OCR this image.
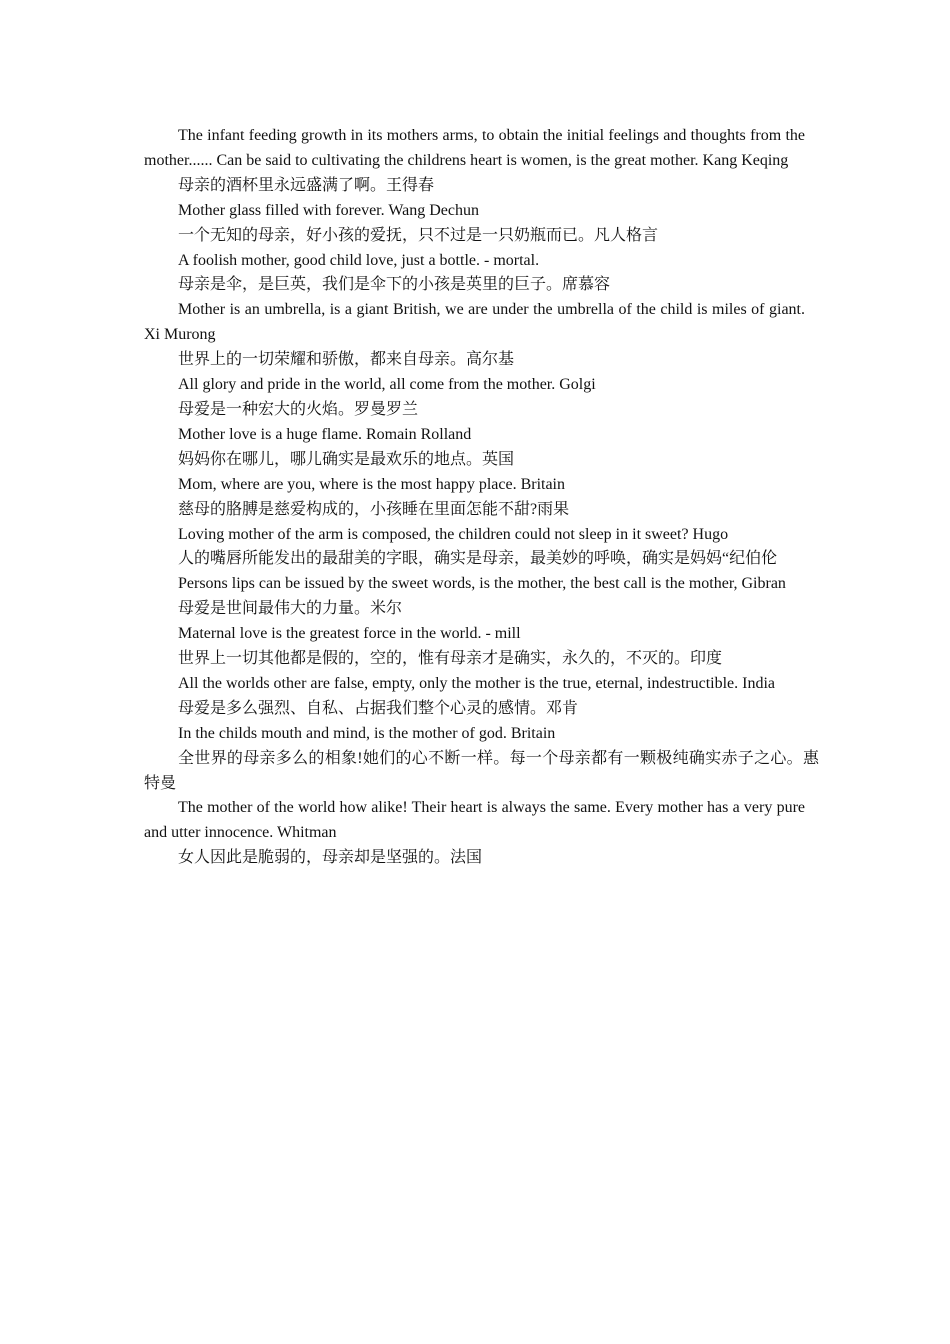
The infant feeding growth in its mothers arms, to obtain the initial feelings and thoughts from the mother...... Can be said to cultivating the childrens heart is women, is the great mother. Kang Keqing

母亲的酒杯里永远盛满了啊。王得春

Mother glass filled with forever. Wang Dechun

一个无知的母亲，好小孩的爱抚，只不过是一只奶瓶而已。凡人格言

A foolish mother, good child love, just a bottle. - mortal.

母亲是伞，是巨英，我们是伞下的小孩是英里的巨子。席慕容

Mother is an umbrella, is a giant British, we are under the umbrella of the child is miles of giant. Xi Murong

世界上的一切荣耀和骄傲，都来自母亲。高尔基

All glory and pride in the world, all come from the mother. Golgi

母爱是一种宏大的火焰。罗曼罗兰

Mother love is a huge flame. Romain Rolland

妈妈你在哪儿，哪儿确实是最欢乐的地点。英国

Mom, where are you, where is the most happy place. Britain

慈母的胳膊是慈爱构成的，小孩睡在里面怎能不甜?雨果

Loving mother of the arm is composed, the children could not sleep in it sweet? Hugo

人的嘴唇所能发出的最甜美的字眼，确实是母亲，最美妙的呼唤，确实是妈妈“纪伯伦

Persons lips can be issued by the sweet words, is the mother, the best call is the mother, Gibran

母爱是世间最伟大的力量。米尔

Maternal love is the greatest force in the world. - mill

世界上一切其他都是假的，空的，惟有母亲才是确实，永久的，不灭的。印度

All the worlds other are false, empty, only the mother is the true, eternal, indestructible. India

母爱是多么强烈、自私、占据我们整个心灵的感情。邓肯

In the childs mouth and mind, is the mother of god. Britain

全世界的母亲多么的相象!她们的心不断一样。每一个母亲都有一颗极纯确实赤子之心。惠特曼

The mother of the world how alike! Their heart is always the same. Every mother has a very pure and utter innocence. Whitman

女人因此是脆弱的，母亲却是坚强的。法国
